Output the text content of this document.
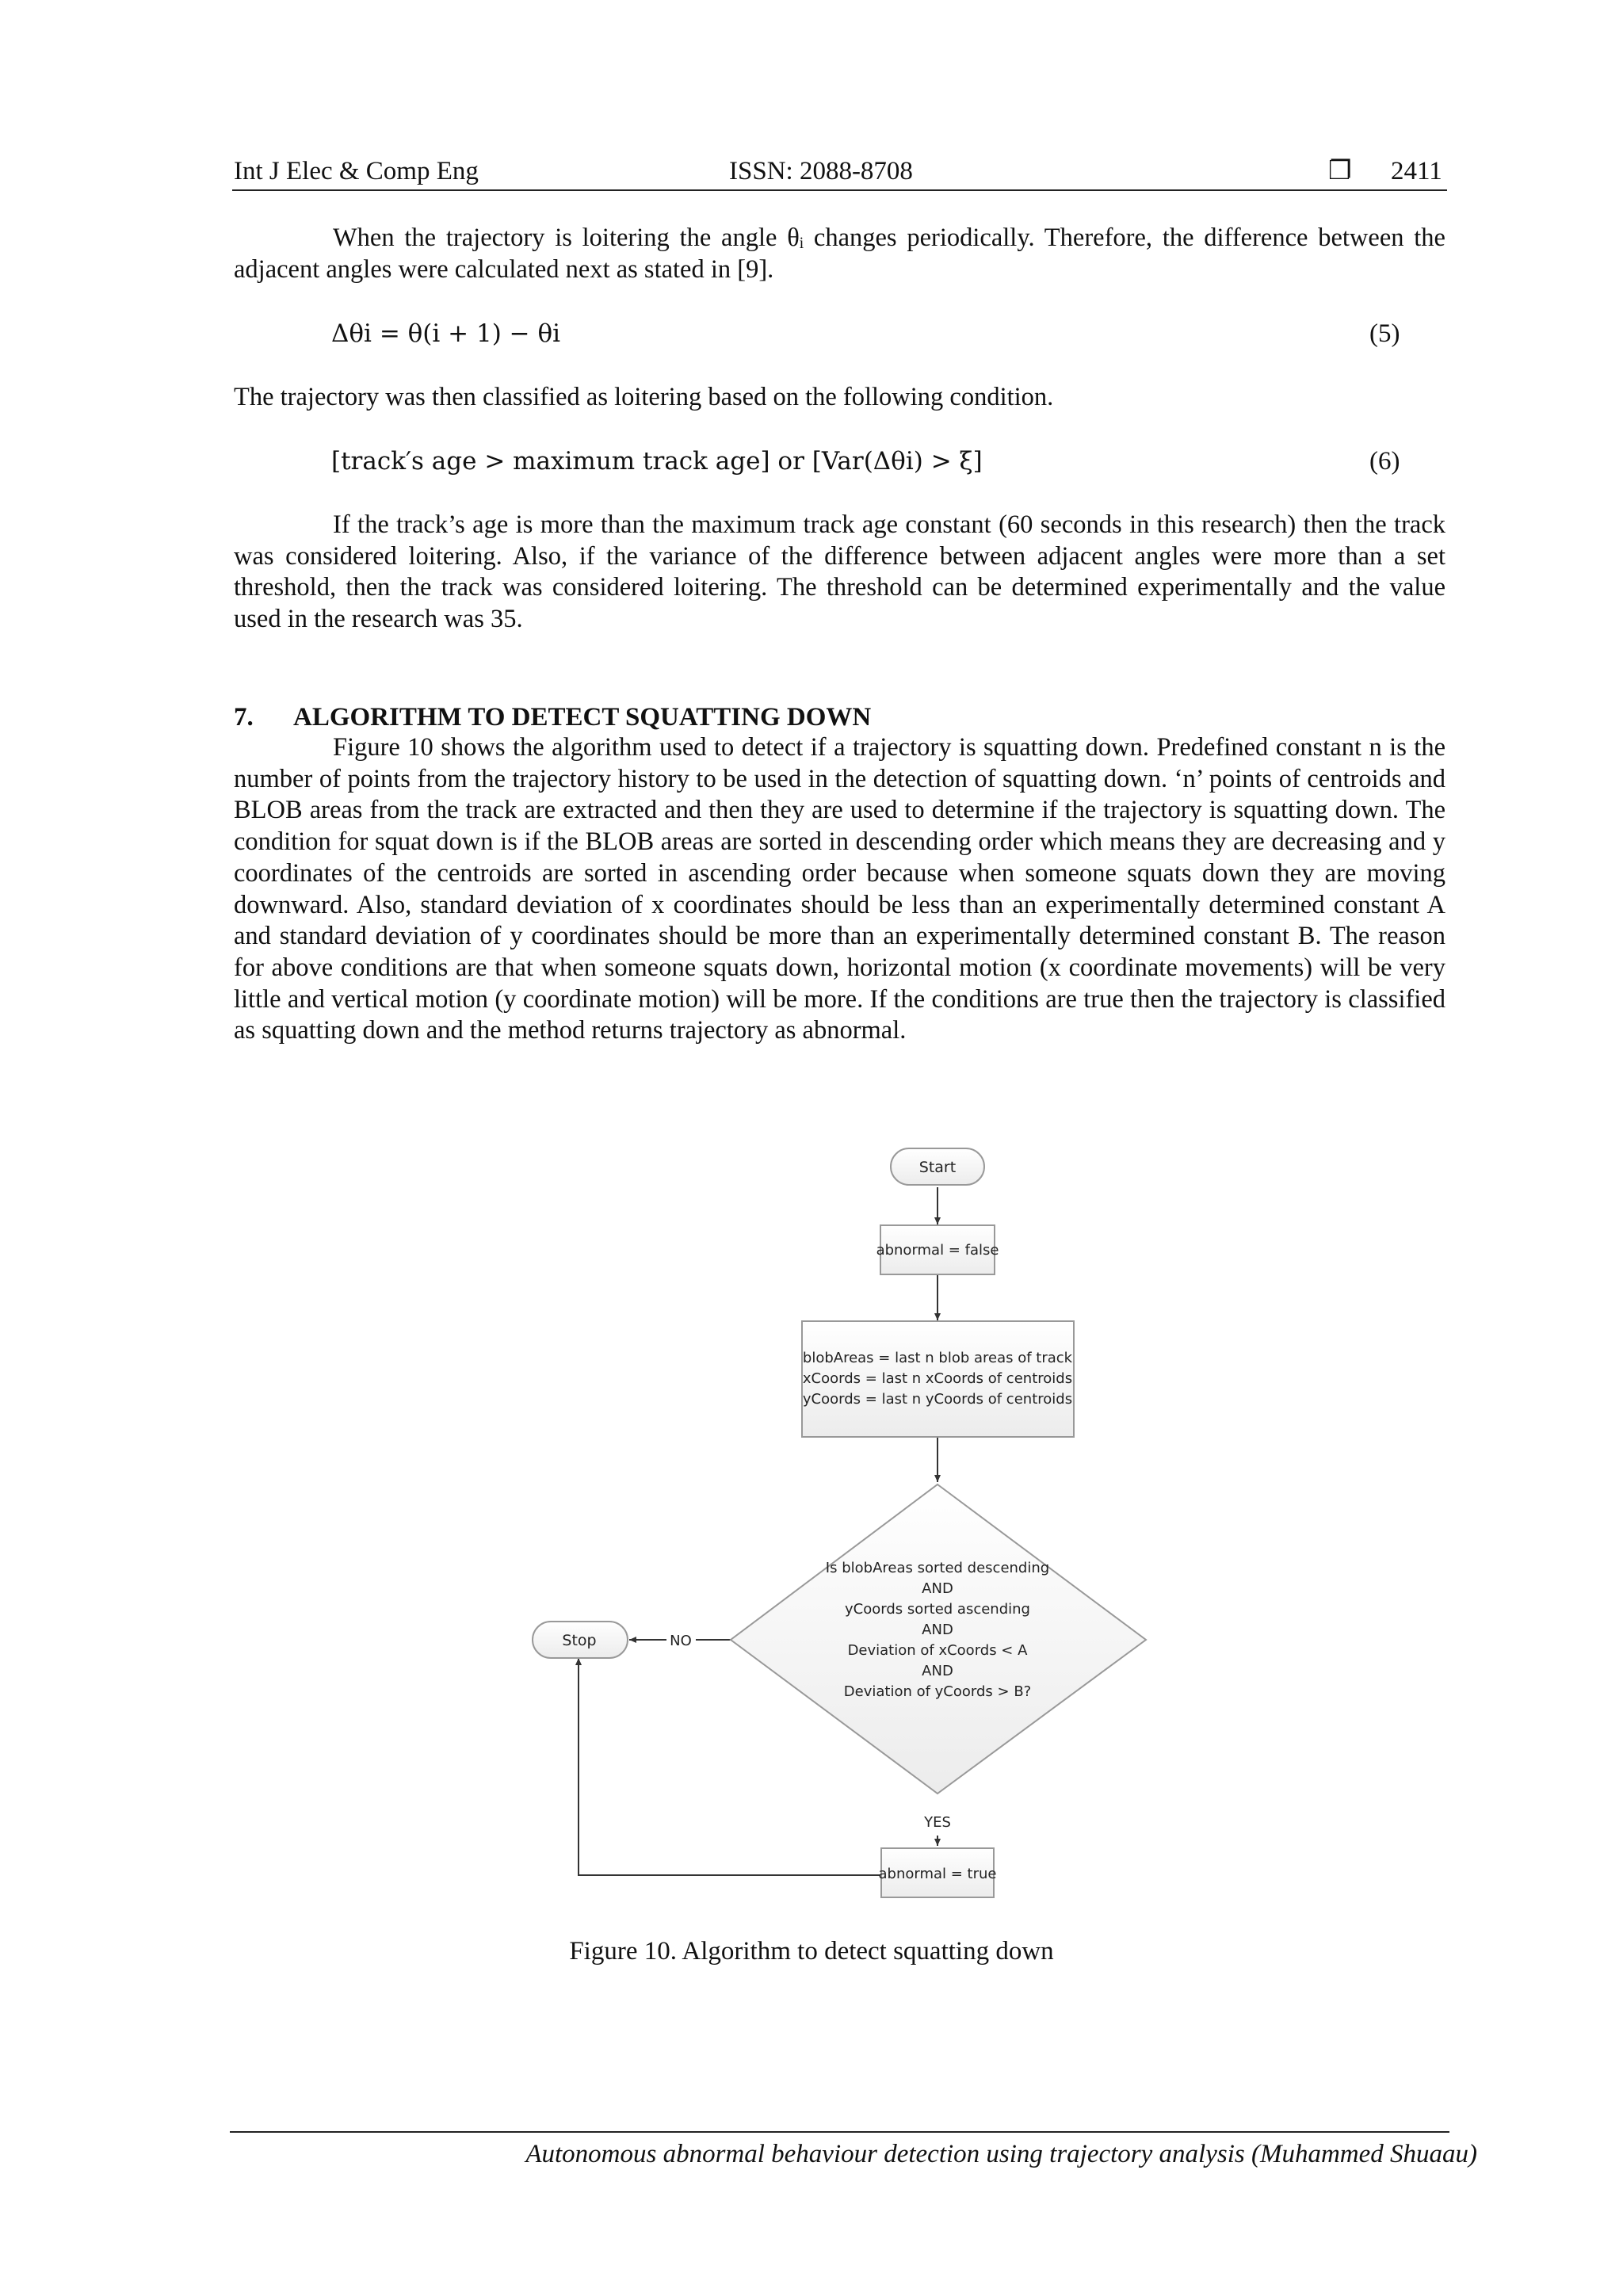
Int J Elec & Comp Eng	ISSN: 2088-8708	❐ 2411

When the trajectory is loitering the angle θᵢ changes periodically. Therefore, the difference between the adjacent angles were calculated next as stated in [9].

Δθi = θ(i + 1) − θi	(5)

The trajectory was then classified as loitering based on the following condition.

[track′s age > maximum track age] or [Var(Δθi) > ξ]	(6)

If the track’s age is more than the maximum track age constant (60 seconds in this research) then the track was considered loitering. Also, if the variance of the difference between adjacent angles were more than a set threshold, then the track was considered loitering. The threshold can be determined experimentally and the value used in the research was 35.

7. ALGORITHM TO DETECT SQUATTING DOWN

Figure 10 shows the algorithm used to detect if a trajectory is squatting down. Predefined constant n is the number of points from the trajectory history to be used in the detection of squatting down. ‘n’ points of centroids and BLOB areas from the track are extracted and then they are used to determine if the trajectory is squatting down. The condition for squat down is if the BLOB areas are sorted in descending order which means they are decreasing and y coordinates of the centroids are sorted in ascending order because when someone squats down they are moving downward. Also, standard deviation of x coordinates should be less than an experimentally determined constant A and standard deviation of y coordinates should be more than an experimentally determined constant B. The reason for above conditions are that when someone squats down, horizontal motion (x coordinate movements) will be very little and vertical motion (y coordinate motion) will be more. If the conditions are true then the trajectory is classified as squatting down and the method returns trajectory as abnormal.

Start
abnormal = false
blobAreas = last n blob areas of track
xCoords = last n xCoords of centroids
yCoords = last n yCoords of centroids
Is blobAreas sorted descending
AND
yCoords sorted ascending
AND
Deviation of xCoords < A
AND
Deviation of yCoords > B?
NO
YES
Stop
abnormal = true
Figure 10. Algorithm to detect squatting down
Autonomous abnormal behaviour detection using trajectory analysis (Muhammed Shuaau)
